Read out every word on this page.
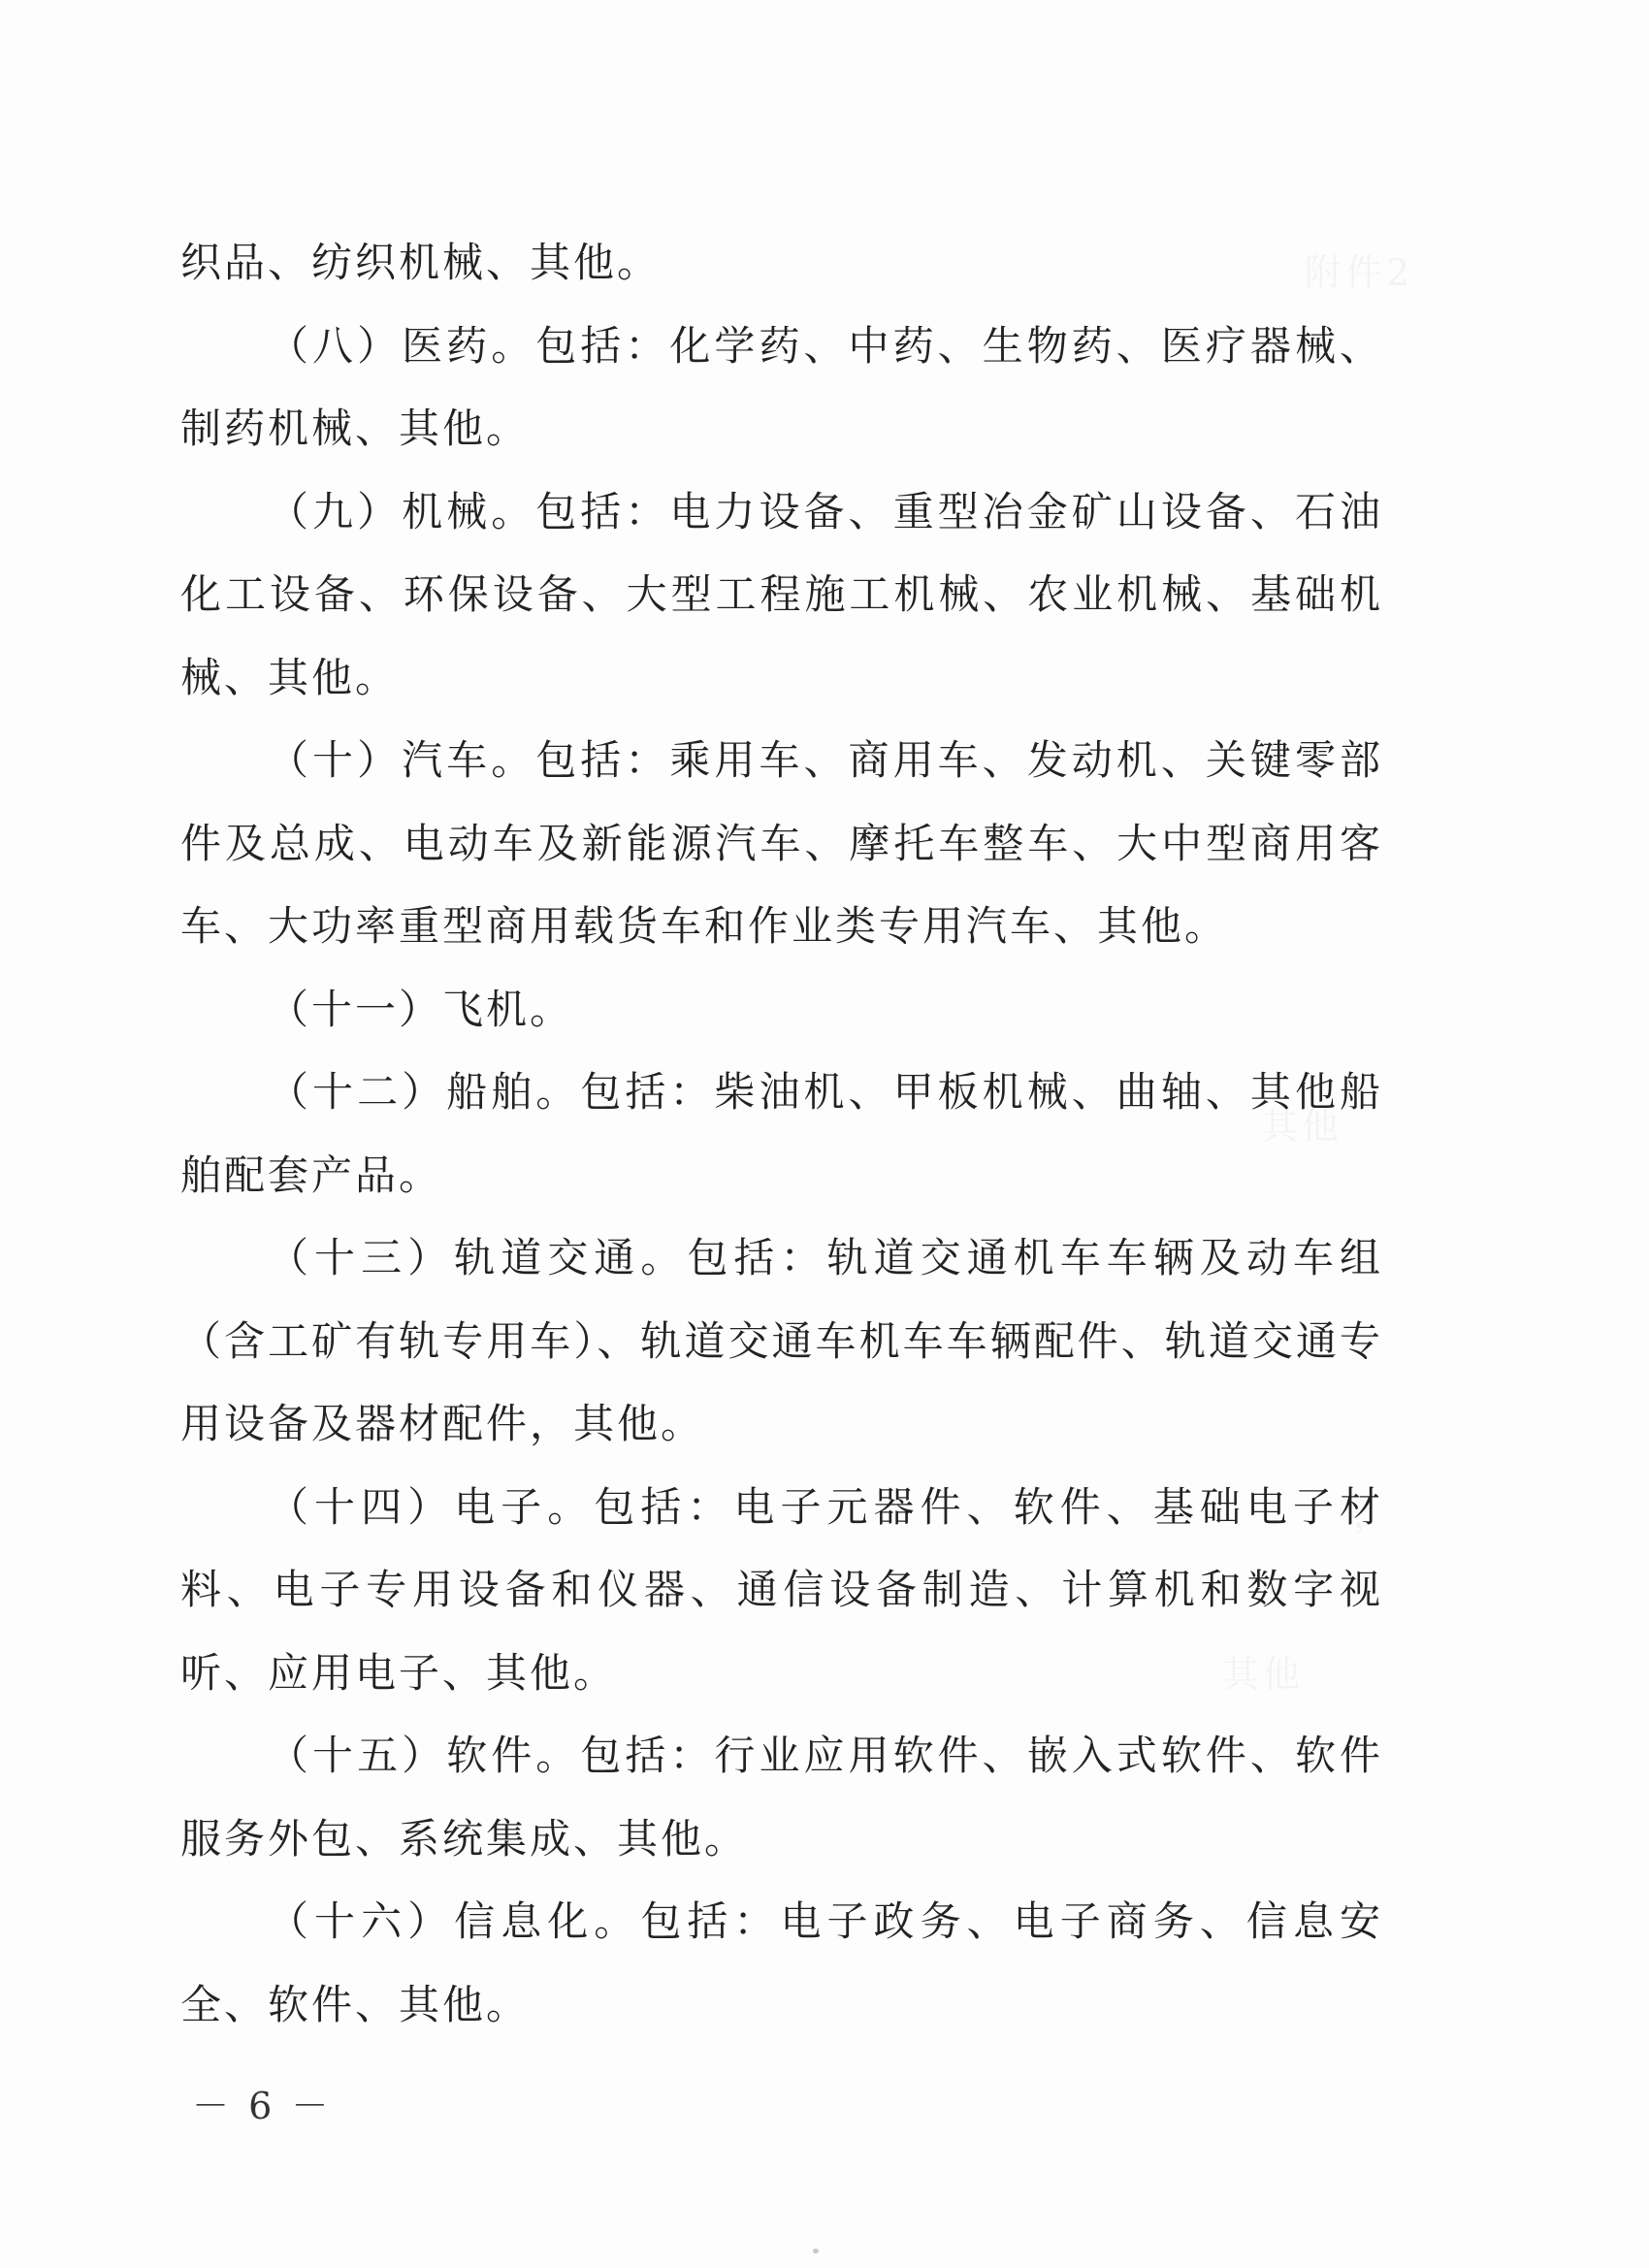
织品、纺织机械、其他。

（八）医药。包括：化学药、中药、生物药、医疗器械、制药机械、其他。

（九）机械。包括：电力设备、重型冶金矿山设备、石油化工设备、环保设备、大型工程施工机械、农业机械、基础机械、其他。

（十）汽车。包括：乘用车、商用车、发动机、关键零部件及总成、电动车及新能源汽车、摩托车整车、大中型商用客车、大功率重型商用载货车和作业类专用汽车、其他。

（十一）飞机。

（十二）船舶。包括：柴油机、甲板机械、曲轴、其他船舶配套产品。

（十三）轨道交通。包括：轨道交通机车车辆及动车组（含工矿有轨专用车）、轨道交通车机车车辆配件、轨道交通专用设备及器材配件，其他。

（十四）电子。包括：电子元器件、软件、基础电子材料、电子专用设备和仪器、通信设备制造、计算机和数字视听、应用电子、其他。

（十五）软件。包括：行业应用软件、嵌入式软件、软件服务外包、系统集成、其他。

（十六）信息化。包括：电子政务、电子商务、信息安全、软件、其他。

－ 6 －
